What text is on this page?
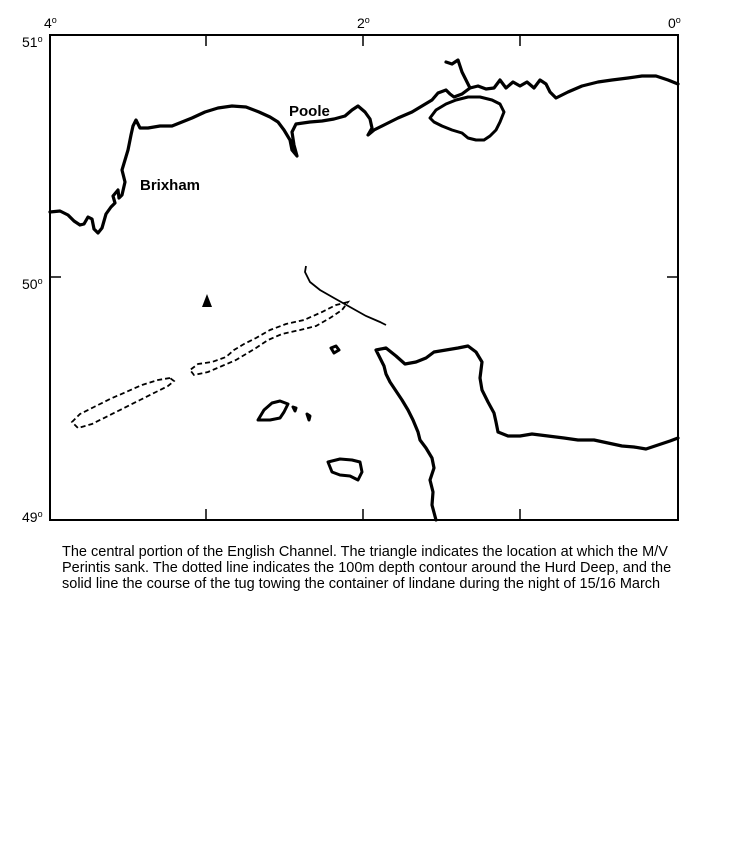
4$^o$	2$^o$	0$^o$
51$^o$
50$^o$
49$^o$
Poole
Brixham

The central portion of the English Channel. The triangle indicates the location at which the M/V Perintis sank. The dotted line indicates the 100m depth contour around the Hurd Deep, and the solid line the course of the tug towing the container of lindane during the night of 15/16 March
